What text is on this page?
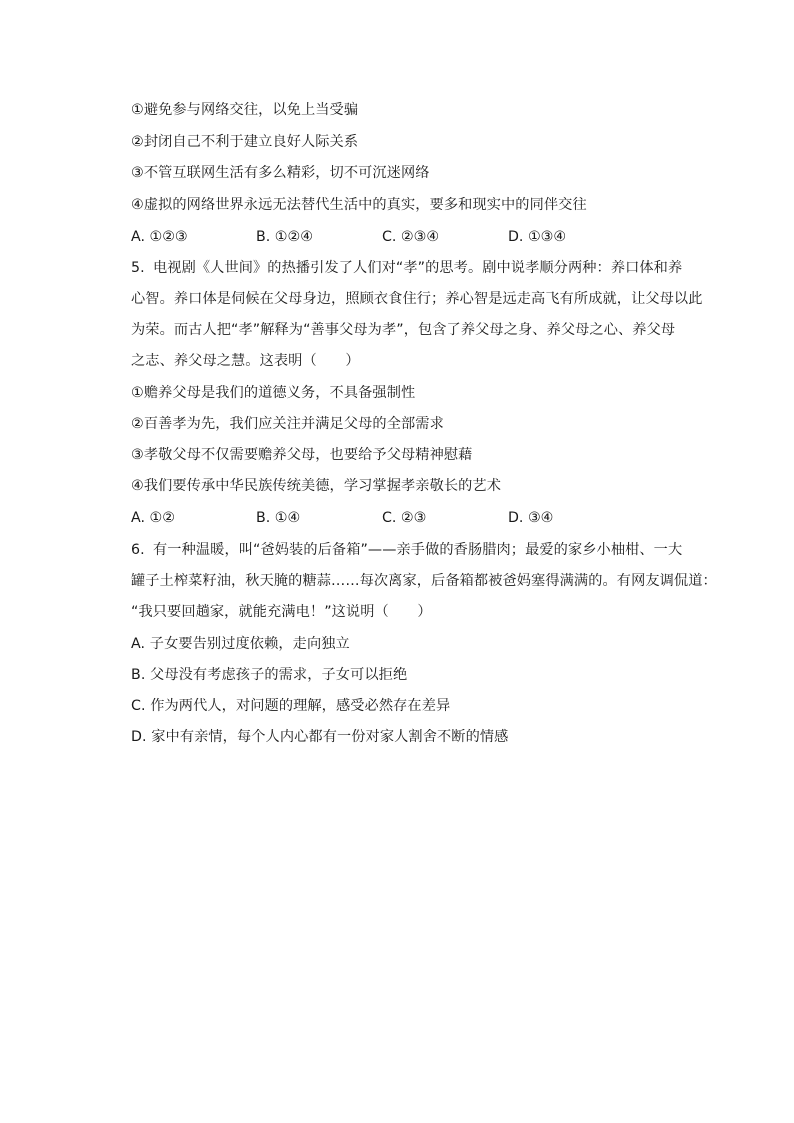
①避免参与网络交往，以免上当受骗
②封闭自己不利于建立良好人际关系
③不管互联网生活有多么精彩，切不可沉迷网络
④虚拟的网络世界永远无法替代生活中的真实，要多和现实中的同伴交往
A. ①②③	B. ①②④	C. ②③④	D. ①③④
5. 电视剧《人世间》的热播引发了人们对“孝”的思考。剧中说孝顺分两种：养口体和养
心智。养口体是伺候在父母身边，照顾衣食住行；养心智是远走高飞有所成就，让父母以此
为荣。而古人把“孝”解释为“善事父母为孝”，包含了养父母之身、养父母之心、养父母
之志、养父母之慧。这表明（　　）
①赡养父母是我们的道德义务，不具备强制性
②百善孝为先，我们应关注并满足父母的全部需求
③孝敬父母不仅需要赡养父母，也要给予父母精神慰藉
④我们要传承中华民族传统美德，学习掌握孝亲敬长的艺术
A. ①②	B. ①④	C. ②③	D. ③④
6. 有一种温暖，叫“爸妈装的后备箱”——亲手做的香肠腊肉；最爱的家乡小柚柑、一大
罐子土榨菜籽油，秋天腌的糖蒜……每次离家，后备箱都被爸妈塞得满满的。有网友调侃道：
“我只要回趟家，就能充满电！”这说明（　　）
A. 子女要告别过度依赖，走向独立
B. 父母没有考虑孩子的需求，子女可以拒绝
C. 作为两代人，对问题的理解，感受必然存在差异
D. 家中有亲情，每个人内心都有一份对家人割舍不断的情感
